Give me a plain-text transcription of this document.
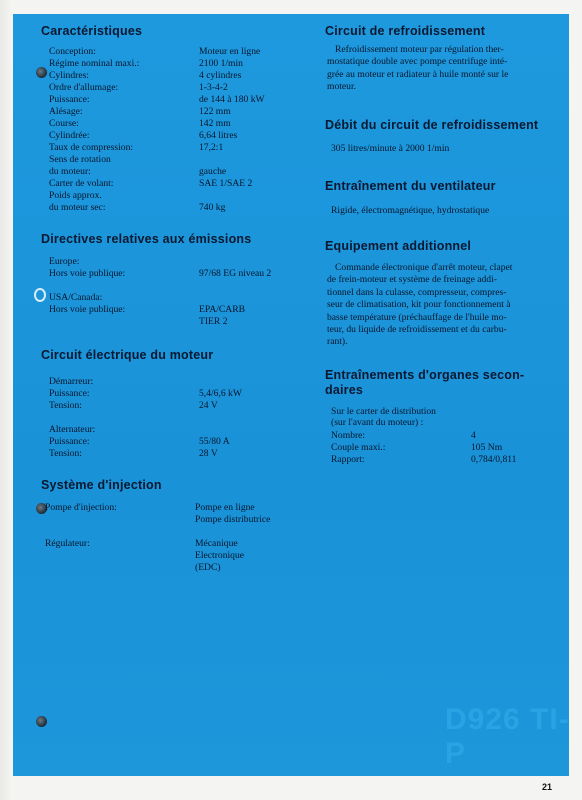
Caractéristiques
Conception:	Moteur en ligne
Régime nominal maxi.:	2100 1/min
Cylindres:	4 cylindres
Ordre d'allumage:	1-3-4-2
Puissance:	de 144 à 180 kW
Alésage:	122 mm
Course:	142 mm
Cylindrée:	6,64 litres
Taux de compression:	17,2:1
Sens de rotation
du moteur:	gauche
Carter de volant:	SAE 1/SAE 2
Poids approx.
du moteur sec:	740 kg
Directives relatives aux émissions
Europe:
Hors voie publique:	97/68 EG niveau 2
USA/Canada:
Hors voie publique:	EPA/CARB
TIER 2
Circuit électrique du moteur
Démarreur:
Puissance:	5,4/6,6 kW
Tension:	24 V
Alternateur:
Puissance:	55/80 A
Tension:	28 V
Système d'injection
Pompe d'injection:	Pompe en ligne
Pompe distributrice
Régulateur:	Mécanique
Electronique
(EDC)
Circuit de refroidissement

Refroidissement moteur par régulation ther-

mostatique double avec pompe centrifuge inté-

grée au moteur et radiateur à huile monté sur le

moteur.

Débit du circuit de refroidissement

305 litres/minute à 2000 1/min

Entraînement du ventilateur

Rigide, électromagnétique, hydrostatique

Equipement additionnel

Commande électronique d'arrêt moteur, clapet

de frein-moteur et système de freinage addi-

tionnel dans la culasse, compresseur, compres-

seur de climatisation, kit pour fonctionnement à

basse température (préchauffage de l'huile mo-

teur, du liquide de refroidissement et du carbu-

rant).

Entraînements d'organes secon-
daires
Sur le carter de distribution
(sur l'avant du moteur) :
Nombre:	4
Couple maxi.:	105 Nm
Rapport:	0,784/0,811
D926 TI-P
21
